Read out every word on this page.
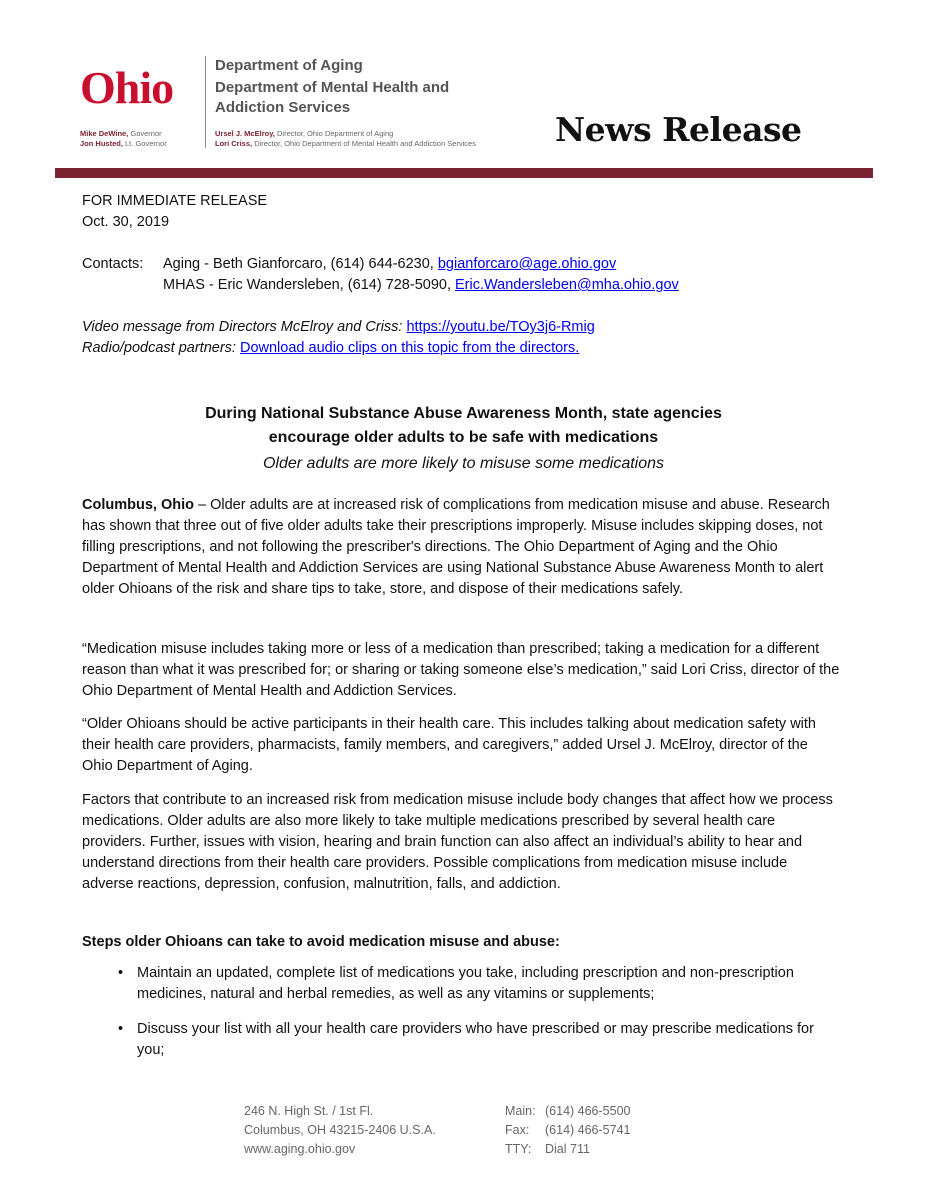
Ohio
Mike DeWine, Governor
Jon Husted, Lt. Governor
Department of Aging
Department of Mental Health and
Addiction Services
Ursel J. McElroy, Director, Ohio Department of Aging
Lori Criss, Director, Ohio Department of Mental Health and Addiction Services News Release
FOR IMMEDIATE RELEASE
Oct. 30, 2019
Contacts: Aging - Beth Gianforcaro, (614) 644-6230, bgianforcaro@age.ohio.gov
MHAS - Eric Wandersleben, (614) 728-5090, Eric.Wandersleben@mha.ohio.gov
Video message from Directors McElroy and Criss: https://youtu.be/TOy3j6-Rmig
Radio/podcast partners: Download audio clips on this topic from the directors.
During National Substance Abuse Awareness Month, state agencies
encourage older adults to be safe with medications
Older adults are more likely to misuse some medications
Columbus, Ohio – Older adults are at increased risk of complications from medication misuse and abuse. Research has shown that three out of five older adults take their prescriptions improperly. Misuse includes skipping doses, not filling prescriptions, and not following the prescriber's directions. The Ohio Department of Aging and the Ohio Department of Mental Health and Addiction Services are using National Substance Abuse Awareness Month to alert older Ohioans of the risk and share tips to take, store, and dispose of their medications safely.
“Medication misuse includes taking more or less of a medication than prescribed; taking a medication for a different reason than what it was prescribed for; or sharing or taking someone else’s medication,” said Lori Criss, director of the Ohio Department of Mental Health and Addiction Services.
“Older Ohioans should be active participants in their health care. This includes talking about medication safety with their health care providers, pharmacists, family members, and caregivers,” added Ursel J. McElroy, director of the Ohio Department of Aging.
Factors that contribute to an increased risk from medication misuse include body changes that affect how we process medications. Older adults are also more likely to take multiple medications prescribed by several health care providers. Further, issues with vision, hearing and brain function can also affect an individual’s ability to hear and understand directions from their health care providers. Possible complications from medication misuse include adverse reactions, depression, confusion, malnutrition, falls, and addiction.
Steps older Ohioans can take to avoid medication misuse and abuse:
• Maintain an updated, complete list of medications you take, including prescription and non-prescription medicines, natural and herbal remedies, as well as any vitamins or supplements;
• Discuss your list with all your health care providers who have prescribed or may prescribe medications for you;
246 N. High St. / 1st Fl.
Columbus, OH 43215-2406 U.S.A.
www.aging.ohio.gov
Main: (614) 466-5500
Fax: (614) 466-5741
TTY: Dial 711
